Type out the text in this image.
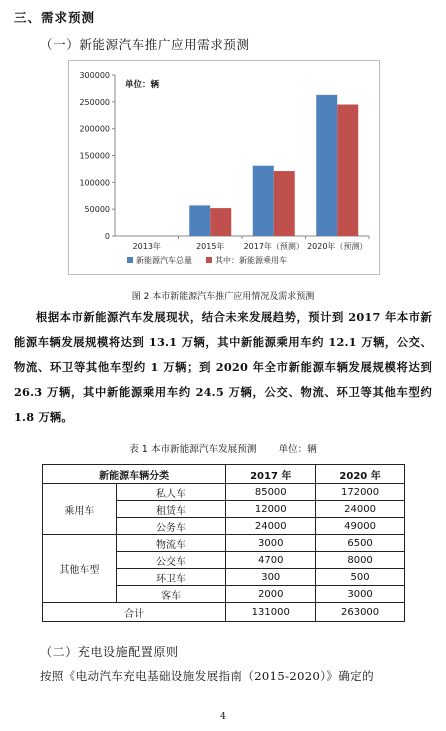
三、需求预测
（一）新能源汽车推广应用需求预测
0
50000
100000
150000
200000
250000
300000
单位：辆
2013年	2015年 2017年（预测） 2020年（预测）
新能源汽车总量	其中：新能源乘用车
图 2 本市新能源汽车推广应用情况及需求预测
根据本市新能源汽车发展现状，结合未来发展趋势，预计到 2017 年本市新能源车辆发展规模将达到 13.1 万辆，其中新能源乘用车约 12.1 万辆，公交、物流、环卫等其他车型约 1 万辆；到 2020 年全市新能源车辆发展规模将达到 26.3 万辆，其中新能源乘用车约 24.5 万辆，公交、物流、环卫等其他车型约 1.8 万辆。
表 1 本市新能源汽车发展预测 单位：辆
新能源车辆分类		2017 年	2020 年
乘用车	私人车	85000	172000
	租赁车	12000	24000
	公务车	24000	49000
其他车型	物流车	3000	6500
	公交车	4700	8000
	环卫车	300	500
	客车	2000	3000
合计		131000	263000
（二）充电设施配置原则
按照《电动汽车充电基础设施发展指南（2015-2020）》确定的
4
